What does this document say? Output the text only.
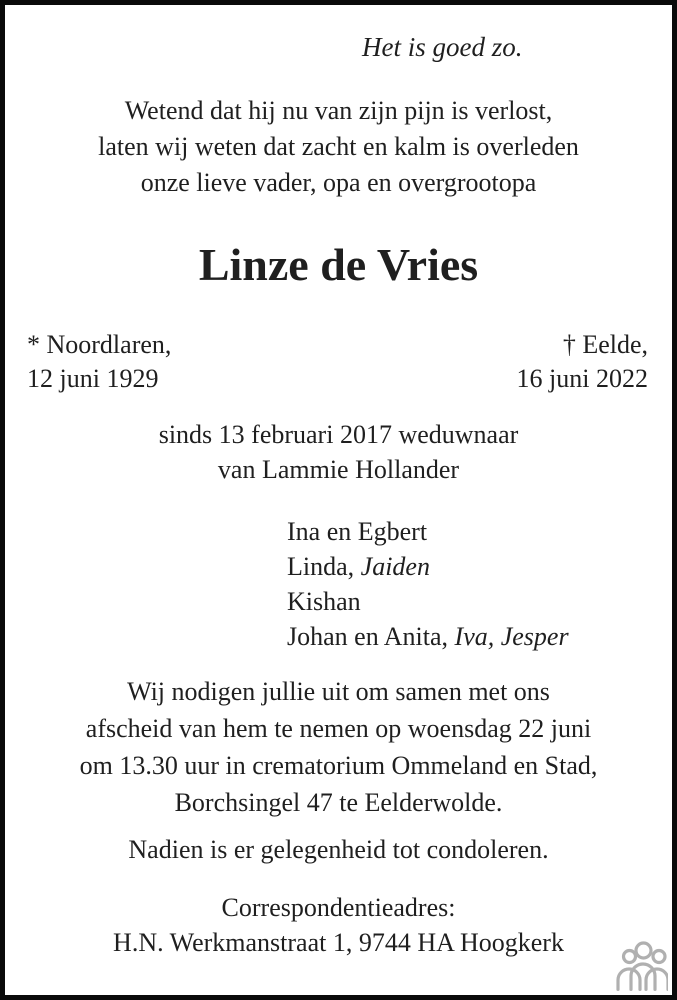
Het is goed zo.
Wetend dat hij nu van zijn pijn is verlost,
laten wij weten dat zacht en kalm is overleden
onze lieve vader, opa en overgrootopa
Linze de Vries
* Noordlaren,
12 juni 1929
† Eelde,
16 juni 2022
sinds 13 februari 2017 weduwnaar
van Lammie Hollander
Ina en Egbert
Linda, Jaiden
Kishan
Johan en Anita, Iva, Jesper
Wij nodigen jullie uit om samen met ons
afscheid van hem te nemen op woensdag 22 juni
om 13.30 uur in crematorium Ommeland en Stad,
Borchsingel 47 te Eelderwolde.
Nadien is er gelegenheid tot condoleren.
Correspondentieadres:
H.N. Werkmanstraat 1, 9744 HA Hoogkerk
